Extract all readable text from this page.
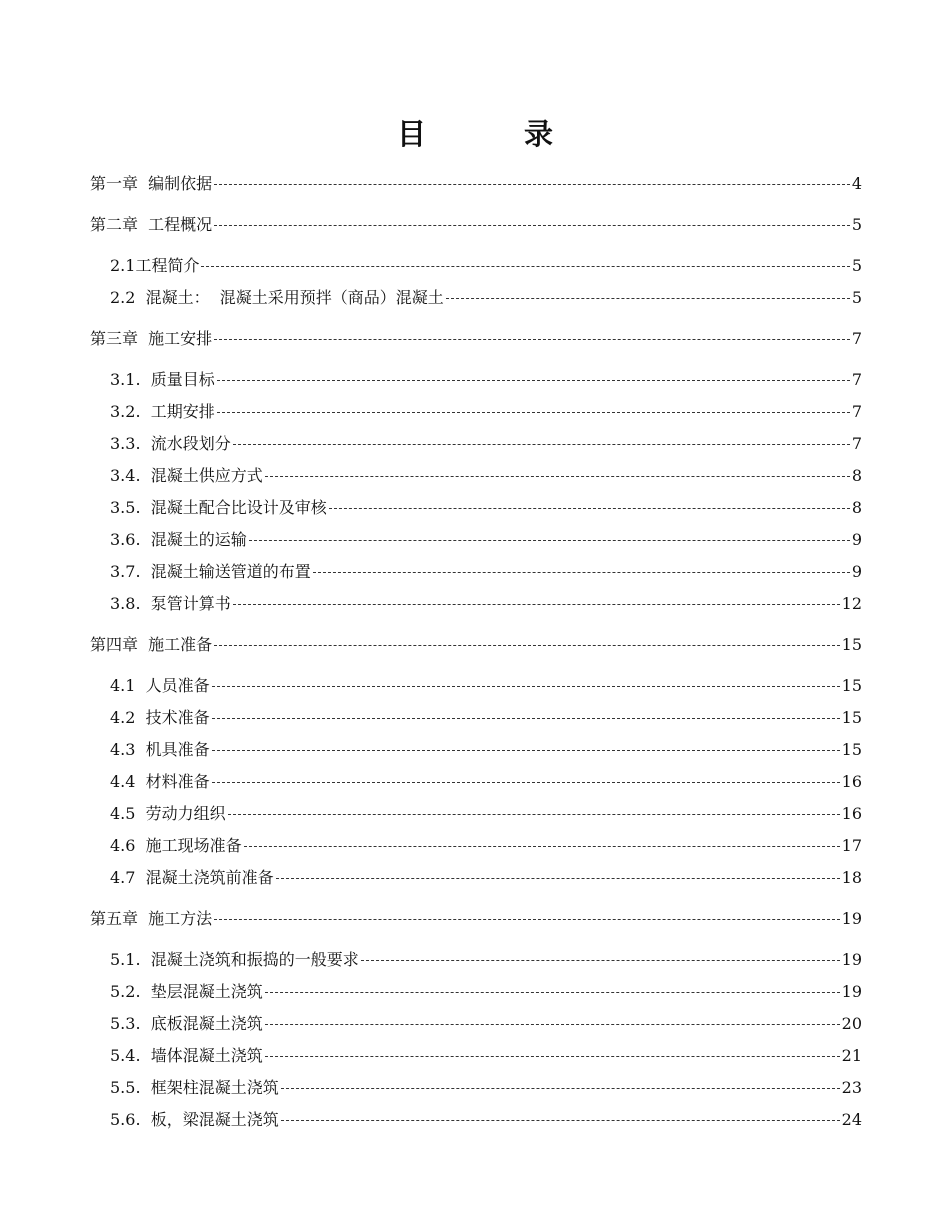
目 录
第一章  编制依据	4
第二章  工程概况	5
2.1工程简介	5
2.2  混凝土：  混凝土采用预拌（商品）混凝土	5
第三章  施工安排	7
3.1.  质量目标	7
3.2.  工期安排	7
3.3.  流水段划分	7
3.4.  混凝土供应方式	8
3.5.  混凝土配合比设计及审核	8
3.6.  混凝土的运输	9
3.7.  混凝土输送管道的布置	9
3.8.  泵管计算书	12
第四章  施工准备	15
4.1  人员准备	15
4.2  技术准备	15
4.3  机具准备	15
4.4  材料准备	16
4.5  劳动力组织	16
4.6  施工现场准备	17
4.7  混凝土浇筑前准备	18
第五章  施工方法	19
5.1.  混凝土浇筑和振捣的一般要求	19
5.2.  垫层混凝土浇筑	19
5.3.  底板混凝土浇筑	20
5.4.  墙体混凝土浇筑	21
5.5.  框架柱混凝土浇筑	23
5.6.  板，梁混凝土浇筑	24
